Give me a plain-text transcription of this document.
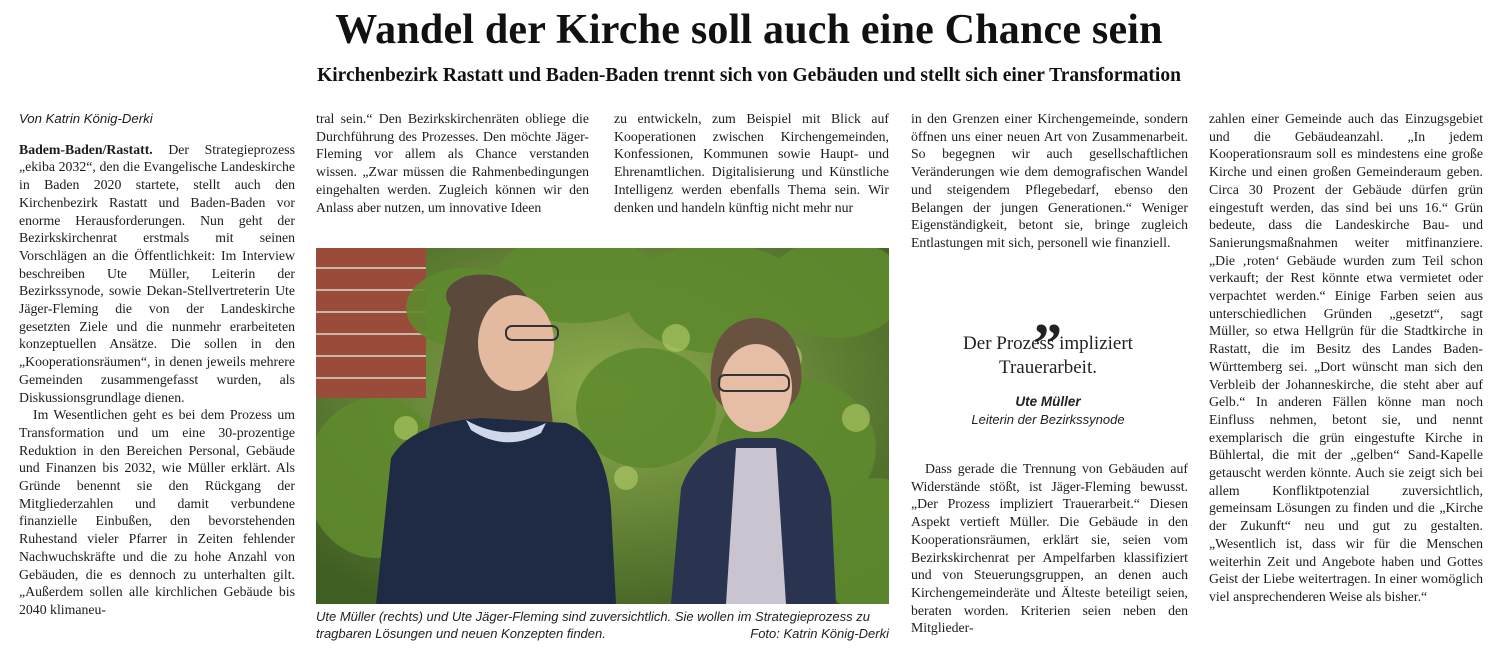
Wandel der Kirche soll auch eine Chance sein
Kirchenbezirk Rastatt und Baden-Baden trennt sich von Gebäuden und stellt sich einer Transformation

Von Katrin König-Derki

Badem-Baden/Rastatt. Der Strategieprozess „ekiba 2032“, den die Evangelische Landeskirche in Baden 2020 startete, stellt auch den Kirchenbezirk Rastatt und Baden-Baden vor enorme Herausforderungen. Nun geht der Bezirkskirchenrat erstmals mit seinen Vorschlägen an die Öffentlichkeit: Im Interview beschreiben Ute Müller, Leiterin der Bezirkssynode, sowie Dekan-Stellvertreterin Ute Jäger-Fleming die von der Landeskirche gesetzten Ziele und die nunmehr erarbeiteten konzeptuellen Ansätze. Die sollen in den „Kooperationsräumen“, in denen jeweils mehrere Gemeinden zusammengefasst wurden, als Diskussionsgrundlage dienen.

Im Wesentlichen geht es bei dem Prozess um Transformation und um eine 30-prozentige Reduktion in den Bereichen Personal, Gebäude und Finanzen bis 2032, wie Müller erklärt. Als Gründe benennt sie den Rückgang der Mitgliederzahlen und damit verbundene finanzielle Einbußen, den bevorstehenden Ruhestand vieler Pfarrer in Zeiten fehlender Nachwuchskräfte und die zu hohe Anzahl von Gebäuden, die es dennoch zu unterhalten gilt. „Außerdem sollen alle kirchlichen Gebäude bis 2040 klimaneu-

tral sein.“ Den Bezirkskirchenräten obliege die Durchführung des Prozesses. Den möchte Jäger-Fleming vor allem als Chance verstanden wissen. „Zwar müssen die Rahmenbedingungen eingehalten werden. Zugleich können wir den Anlass aber nutzen, um innovative Ideen

zu entwickeln, zum Beispiel mit Blick auf Kooperationen zwischen Kirchengemeinden, Konfessionen, Kommunen sowie Haupt- und Ehrenamtlichen. Digitalisierung und Künstliche Intelligenz werden ebenfalls Thema sein. Wir denken und handeln künftig nicht mehr nur

Ute Müller (rechts) und Ute Jäger-Fleming sind zuversichtlich. Sie wollen im Strategieprozess zu tragbaren Lösungen und neuen Konzepten finden.	Foto: Katrin König-Derki

in den Grenzen einer Kirchengemeinde, sondern öffnen uns einer neuen Art von Zusammenarbeit. So begegnen wir auch gesellschaftlichen Veränderungen wie dem demografischen Wandel und steigendem Pflegebedarf, ebenso den Belangen der jungen Generationen.“ Weniger Eigenständigkeit, betont sie, bringe zugleich Entlastungen mit sich, personell wie finanziell.

„
Der Prozess impliziert Trauerarbeit.
Ute Müller
Leiterin der Bezirkssynode

Dass gerade die Trennung von Gebäuden auf Widerstände stößt, ist Jäger-Fleming bewusst. „Der Prozess impliziert Trauerarbeit.“ Diesen Aspekt vertieft Müller. Die Gebäude in den Kooperationsräumen, erklärt sie, seien vom Bezirkskirchenrat per Ampelfarben klassifiziert und von Steuerungsgruppen, an denen auch Kirchengemeinderäte und Älteste beteiligt seien, beraten worden. Kriterien seien neben den Mitglieder-

zahlen einer Gemeinde auch das Einzugsgebiet und die Gebäudeanzahl. „In jedem Kooperationsraum soll es mindestens eine große Kirche und einen großen Gemeinderaum geben. Circa 30 Prozent der Gebäude dürfen grün eingestuft werden, das sind bei uns 16.“ Grün bedeute, dass die Landeskirche Bau- und Sanierungsmaßnahmen weiter mitfinanziere. „Die ‚roten‘ Gebäude wurden zum Teil schon verkauft; der Rest könnte etwa vermietet oder verpachtet werden.“ Einige Farben seien aus unterschiedlichen Gründen „gesetzt“, sagt Müller, so etwa Hellgrün für die Stadtkirche in Rastatt, die im Besitz des Landes Baden-Württemberg sei. „Dort wünscht man sich den Verbleib der Johanneskirche, die steht aber auf Gelb.“ In anderen Fällen könne man noch Einfluss nehmen, betont sie, und nennt exemplarisch die grün eingestufte Kirche in Bühlertal, die mit der „gelben“ Sand-Kapelle getauscht werden könnte. Auch sie zeigt sich bei allem Konfliktpotenzial zuversichtlich, gemeinsam Lösungen zu finden und die „Kirche der Zukunft“ neu und gut zu gestalten. „Wesentlich ist, dass wir für die Menschen weiterhin Zeit und Angebote haben und Gottes Geist der Liebe weitertragen. In einer womöglich viel ansprechenderen Weise als bisher.“
